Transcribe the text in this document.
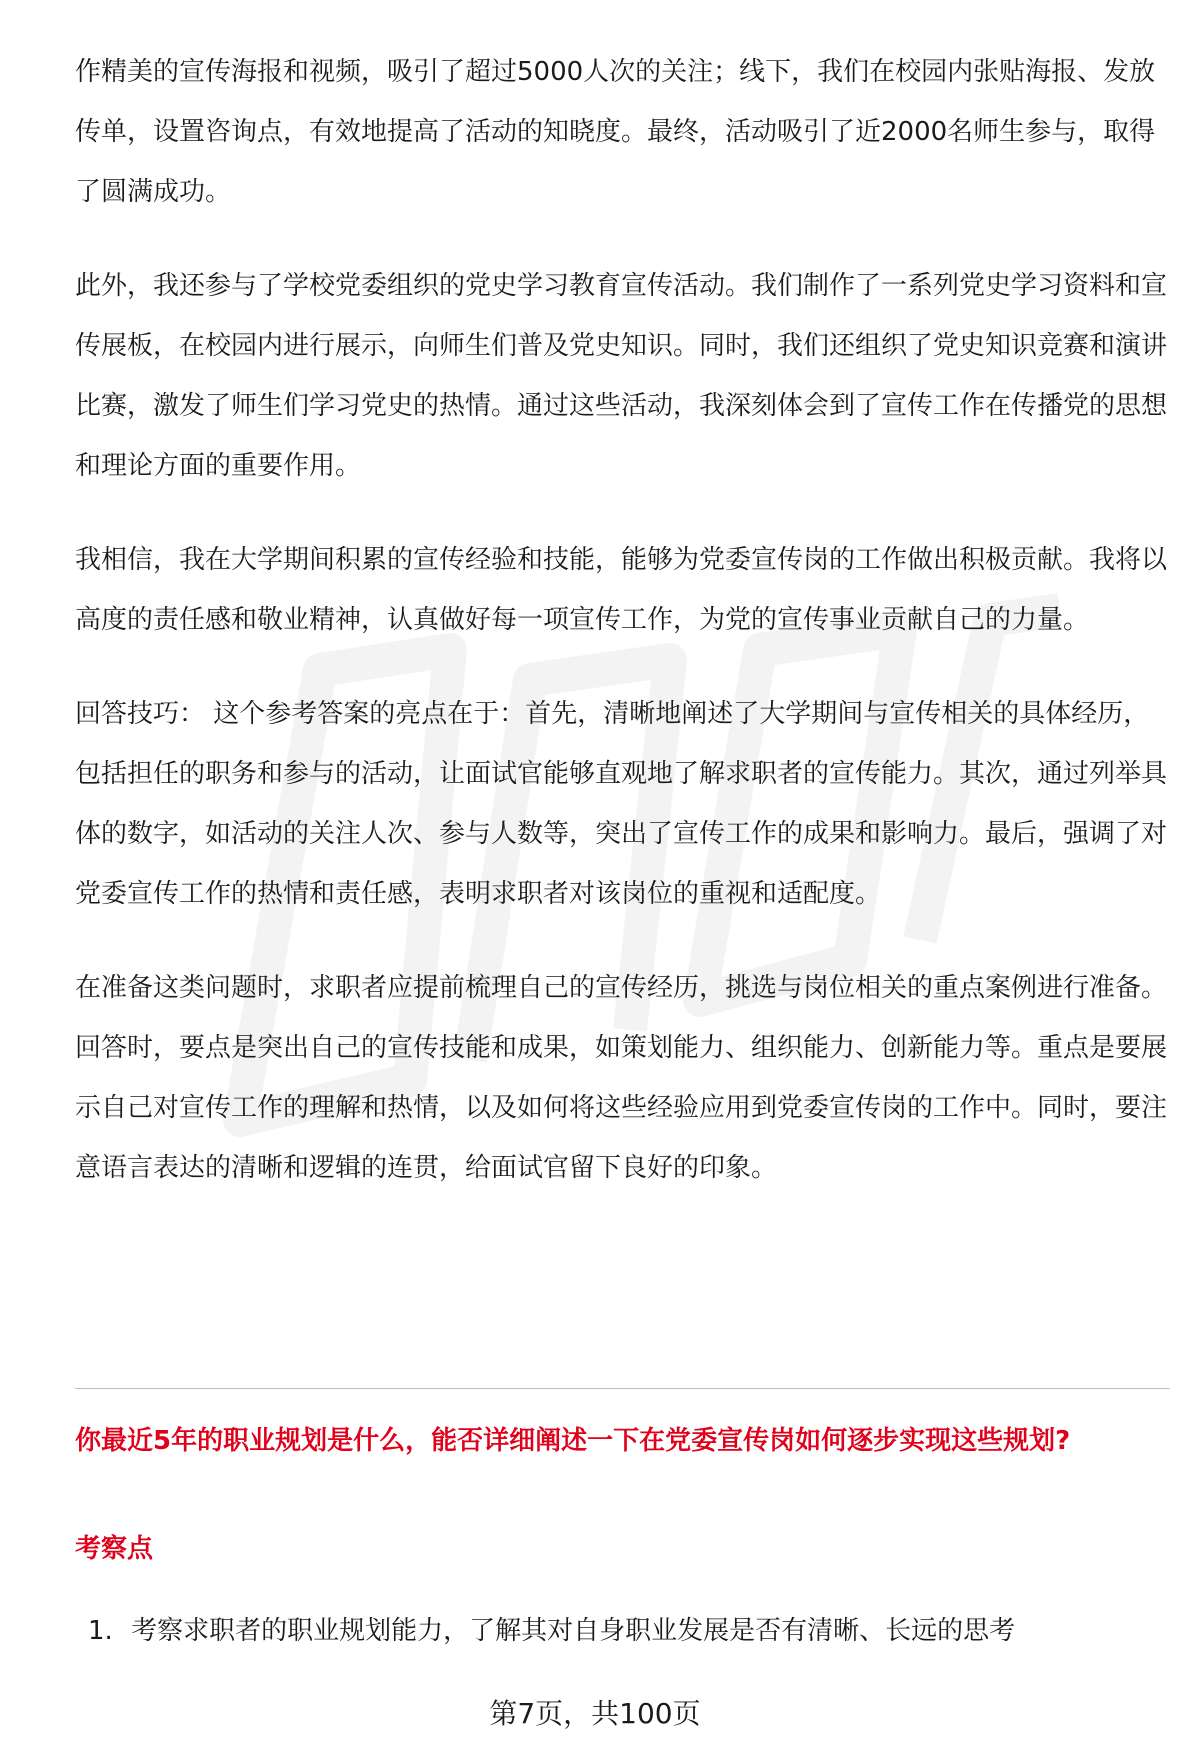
作精美的宣传海报和视频，吸引了超过5000人次的关注；线下，我们在校园内张贴海报、发放传单，设置咨询点，有效地提高了活动的知晓度。最终，活动吸引了近2000名师生参与，取得了圆满成功。

此外，我还参与了学校党委组织的党史学习教育宣传活动。我们制作了一系列党史学习资料和宣传展板，在校园内进行展示，向师生们普及党史知识。同时，我们还组织了党史知识竞赛和演讲比赛，激发了师生们学习党史的热情。通过这些活动，我深刻体会到了宣传工作在传播党的思想和理论方面的重要作用。

我相信，我在大学期间积累的宣传经验和技能，能够为党委宣传岗的工作做出积极贡献。我将以高度的责任感和敬业精神，认真做好每一项宣传工作，为党的宣传事业贡献自己的力量。

回答技巧： 这个参考答案的亮点在于：首先，清晰地阐述了大学期间与宣传相关的具体经历，包括担任的职务和参与的活动，让面试官能够直观地了解求职者的宣传能力。其次，通过列举具体的数字，如活动的关注人次、参与人数等，突出了宣传工作的成果和影响力。最后，强调了对党委宣传工作的热情和责任感，表明求职者对该岗位的重视和适配度。

在准备这类问题时，求职者应提前梳理自己的宣传经历，挑选与岗位相关的重点案例进行准备。回答时，要点是突出自己的宣传技能和成果，如策划能力、组织能力、创新能力等。重点是要展示自己对宣传工作的理解和热情，以及如何将这些经验应用到党委宣传岗的工作中。同时，要注意语言表达的清晰和逻辑的连贯，给面试官留下良好的印象。

你最近5年的职业规划是什么，能否详细阐述一下在党委宣传岗如何逐步实现这些规划?
考察点
1. 考察求职者的职业规划能力，了解其对自身职业发展是否有清晰、长远的思考
第7页，共100页
